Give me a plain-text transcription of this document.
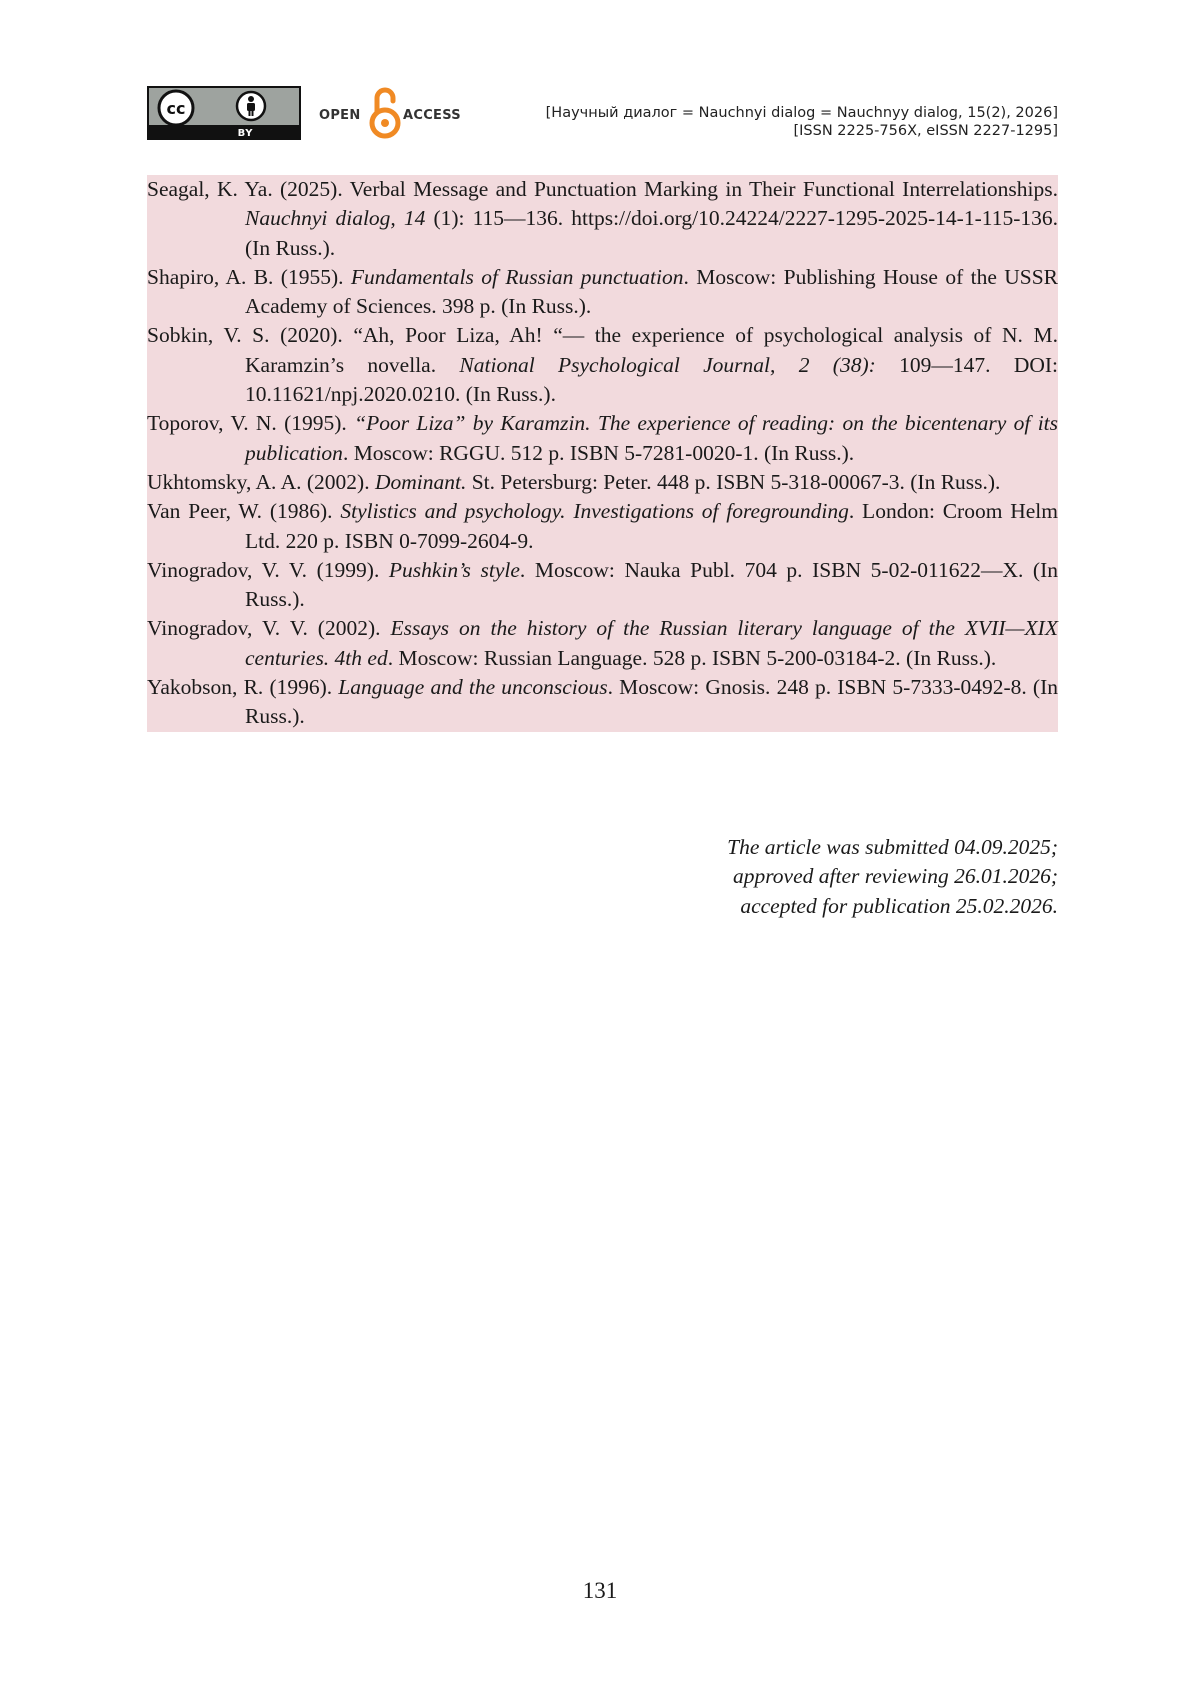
cc
BY
OPEN	ACCESS	[Научный диалог = Nauchnyi dialog = Nauchnyy dialog, 15(2), 2026]
[ISSN 2225-756X, eISSN 2227-1295]

Seagal, K. Ya. (2025). Verbal Message and Punctuation Marking in Their Functional Interrelationships. Nauchnyi dialog, 14 (1): 115—136. https://doi.org/10.24224/2227-1295-2025-14-1-115-136. (In Russ.).

Shapiro, A. B. (1955). Fundamentals of Russian punctuation. Moscow: Publishing House of the USSR Academy of Sciences. 398 p. (In Russ.).

Sobkin, V. S. (2020). “Ah, Poor Liza, Ah! “— the experience of psychological analysis of N. M. Karamzin’s novella. National Psychological Journal, 2 (38): 109—147. DOI: 10.11621/npj.2020.0210. (In Russ.).

Toporov, V. N. (1995). “Poor Liza” by Karamzin. The experience of reading: on the bicentenary of its publication. Moscow: RGGU. 512 p. ISBN 5-7281-0020-1. (In Russ.).

Ukhtomsky, A. A. (2002). Dominant. St. Petersburg: Peter. 448 p. ISBN 5-318-00067-3. (In Russ.).

Van Peer, W. (1986). Stylistics and psychology. Investigations of foregrounding. London: Croom Helm Ltd. 220 p. ISBN 0-7099-2604-9.

Vinogradov, V. V. (1999). Pushkin’s style. Moscow: Nauka Publ. 704 p. ISBN 5-02-011622—X. (In Russ.).

Vinogradov, V. V. (2002). Essays on the history of the Russian literary language of the XVII—XIX centuries. 4th ed. Moscow: Russian Language. 528 p. ISBN 5-200-03184-2. (In Russ.).

Yakobson, R. (1996). Language and the unconscious. Moscow: Gnosis. 248 p. ISBN 5-7333-0492-8. (In Russ.).

The article was submitted 04.09.2025;
approved after reviewing 26.01.2026;
accepted for publication 25.02.2026.
131
